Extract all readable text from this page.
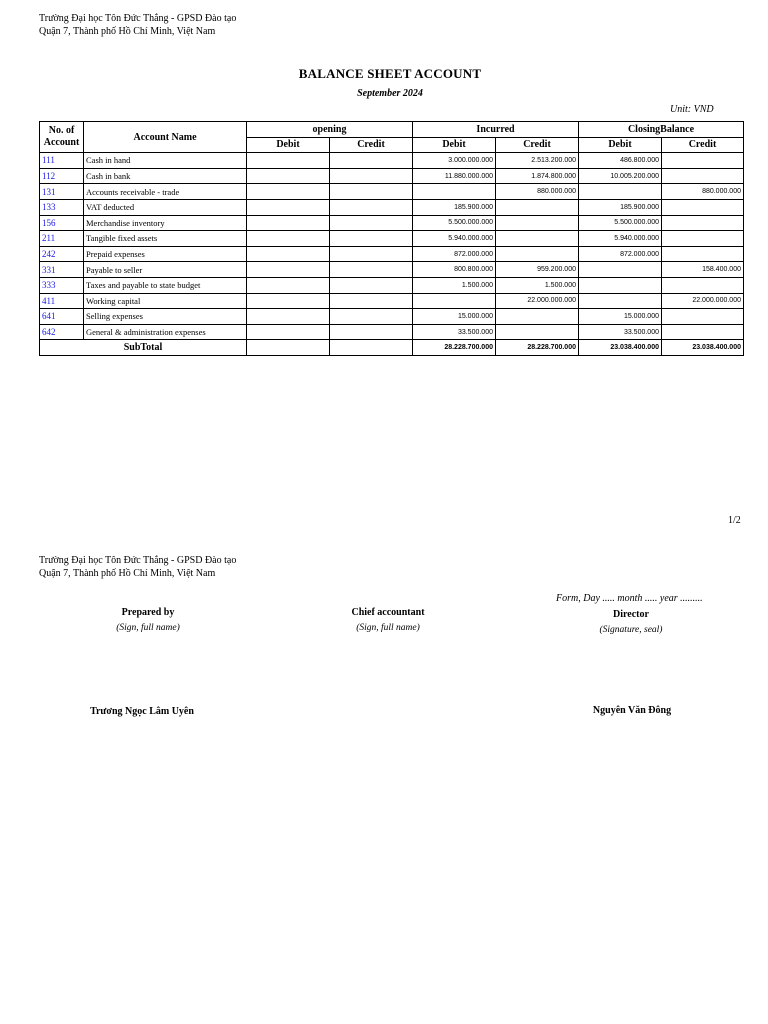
Trường Đại học Tôn Đức Thắng - GPSD Đào tạo
Quận 7, Thành phố Hồ Chí Minh, Việt Nam
BALANCE SHEET ACCOUNT
September 2024
Unit: VND
No. of Account	Account Name	opening		Incurred		ClosingBalance	
		Debit	Credit	Debit	Credit	Debit	Credit
111	Cash in hand			3.000.000.000	2.513.200.000	486.800.000	
112	Cash in bank			11.880.000.000	1.874.800.000	10.005.200.000	
131	Accounts receivable - trade				880.000.000		880.000.000
133	VAT deducted			185.900.000		185.900.000	
156	Merchandise inventory			5.500.000.000		5.500.000.000	
211	Tangible fixed assets			5.940.000.000		5.940.000.000	
242	Prepaid expenses			872.000.000		872.000.000	
331	Payable to seller			800.800.000	959.200.000		158.400.000
333	Taxes and payable to state budget			1.500.000	1.500.000		
411	Working capital				22.000.000.000		22.000.000.000
641	Selling expenses			15.000.000		15.000.000	
642	General & administration expenses			33.500.000		33.500.000	
SubTotal				28.228.700.000	28.228.700.000	23.038.400.000	23.038.400.000
1/2
Trường Đại học Tôn Đức Thắng - GPSD Đào tạo
Quận 7, Thành phố Hồ Chí Minh, Việt Nam
Form, Day ..... month ..... year .........
Prepared by
(Sign, full name)
Chief accountant
(Sign, full name)
Director
(Signature, seal)
Trương Ngọc Lâm Uyên	Nguyên Văn Đông
